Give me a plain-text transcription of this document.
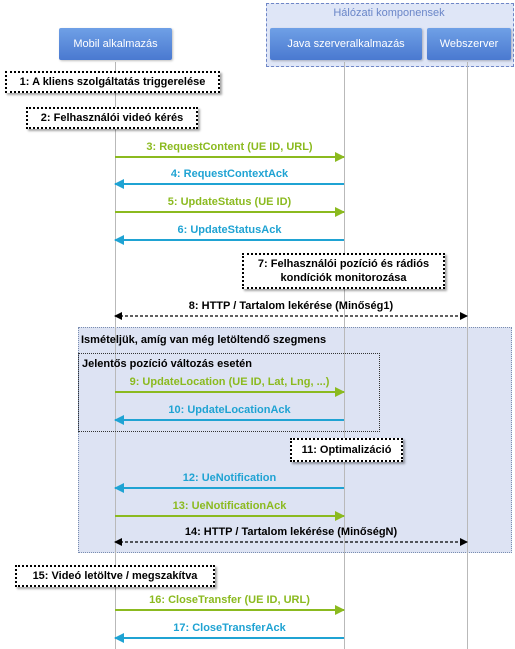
Hálózati komponensek
Mobil alkalmazás	Java szerveralkalmazás	Webszerver
Ismételjük, amíg van még letöltendő szegmens
Jelentős pozíció változás esetén
1: A kliens szolgáltatás triggerelése
2: Felhasználói videó kérés
7: Felhasználói pozíció és rádiós
kondíciók monitorozása
11: Optimalizáció
15: Videó letöltve / megszakítva
3: RequestContent (UE ID, URL)
4: RequestContextAck
5: UpdateStatus (UE ID)
6: UpdateStatusAck
8: HTTP / Tartalom lekérése (Minőség1)
9: UpdateLocation (UE ID, Lat, Lng, ...)
10: UpdateLocationAck
12: UeNotification
13: UeNotificationAck
14: HTTP / Tartalom lekérése (MinőségN)
16: CloseTransfer (UE ID, URL)
17: CloseTransferAck
